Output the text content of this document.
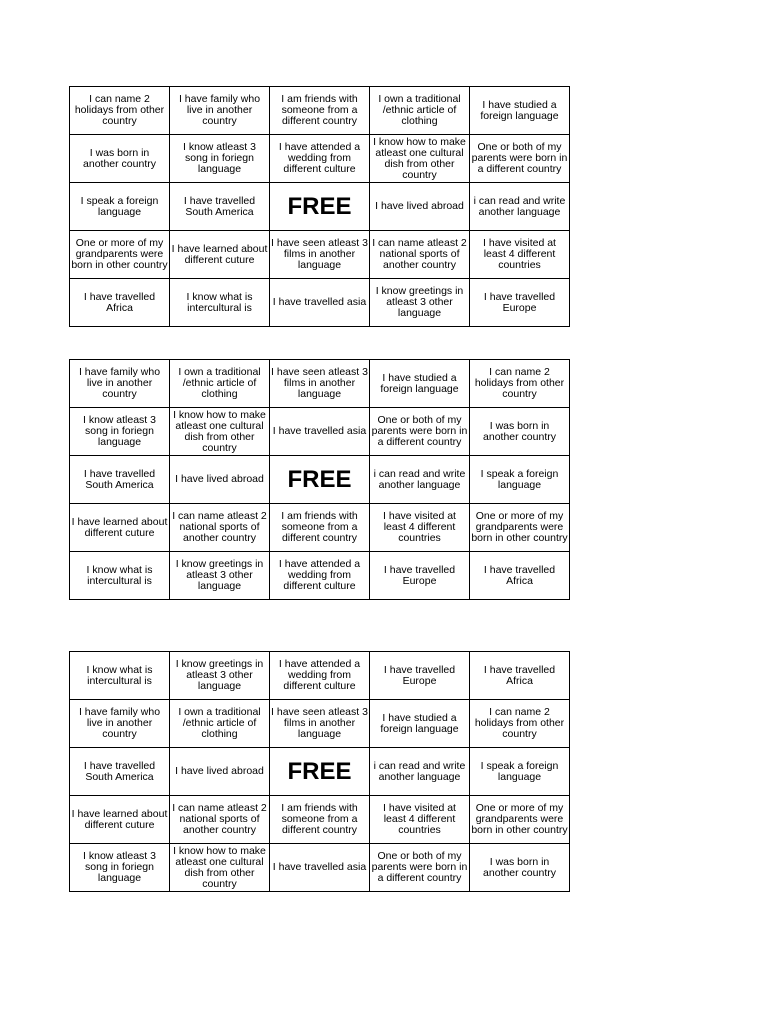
I can name 2 holidays from other country	I have family who live in another country	I am friends with someone from a different country	I own a traditional /ethnic article of clothing	I have studied a foreign language
I was born in another country	I know atleast 3 song in foriegn language	I have attended a wedding from different culture	I know how to make atleast one cultural dish from other country	One or both of my parents were born in a different country
I speak a foreign language	I have travelled South America	FREE	I have lived abroad	i can read and write another language
One or more of my grandparents were born in other country	I have learned about different cuture	I have seen atleast 3 films in another language	I can name atleast 2 national sports of another country	I have visited at least 4 different countries
I have travelled Africa	I know what is intercultural is	I have travelled asia	I know greetings in atleast 3 other language	I have travelled Europe
I have family who live in another country	I own a traditional /ethnic article of clothing	I have seen atleast 3 films in another language	I have studied a foreign language	I can name 2 holidays from other country
I know atleast 3 song in foriegn language	I know how to make atleast one cultural dish from other country	I have travelled asia	One or both of my parents were born in a different country	I was born in another country
I have travelled South America	I have lived abroad	FREE	i can read and write another language	I speak a foreign language
I have learned about different cuture	I can name atleast 2 national sports of another country	I am friends with someone from a different country	I have visited at least 4 different countries	One or more of my grandparents were born in other country
I know what is intercultural is	I know greetings in atleast 3 other language	I have attended a wedding from different culture	I have travelled Europe	I have travelled Africa
I know what is intercultural is	I know greetings in atleast 3 other language	I have attended a wedding from different culture	I have travelled Europe	I have travelled Africa
I have family who live in another country	I own a traditional /ethnic article of clothing	I have seen atleast 3 films in another language	I have studied a foreign language	I can name 2 holidays from other country
I have travelled South America	I have lived abroad	FREE	i can read and write another language	I speak a foreign language
I have learned about different cuture	I can name atleast 2 national sports of another country	I am friends with someone from a different country	I have visited at least 4 different countries	One or more of my grandparents were born in other country
I know atleast 3 song in foriegn language	I know how to make atleast one cultural dish from other country	I have travelled asia	One or both of my parents were born in a different country	I was born in another country
